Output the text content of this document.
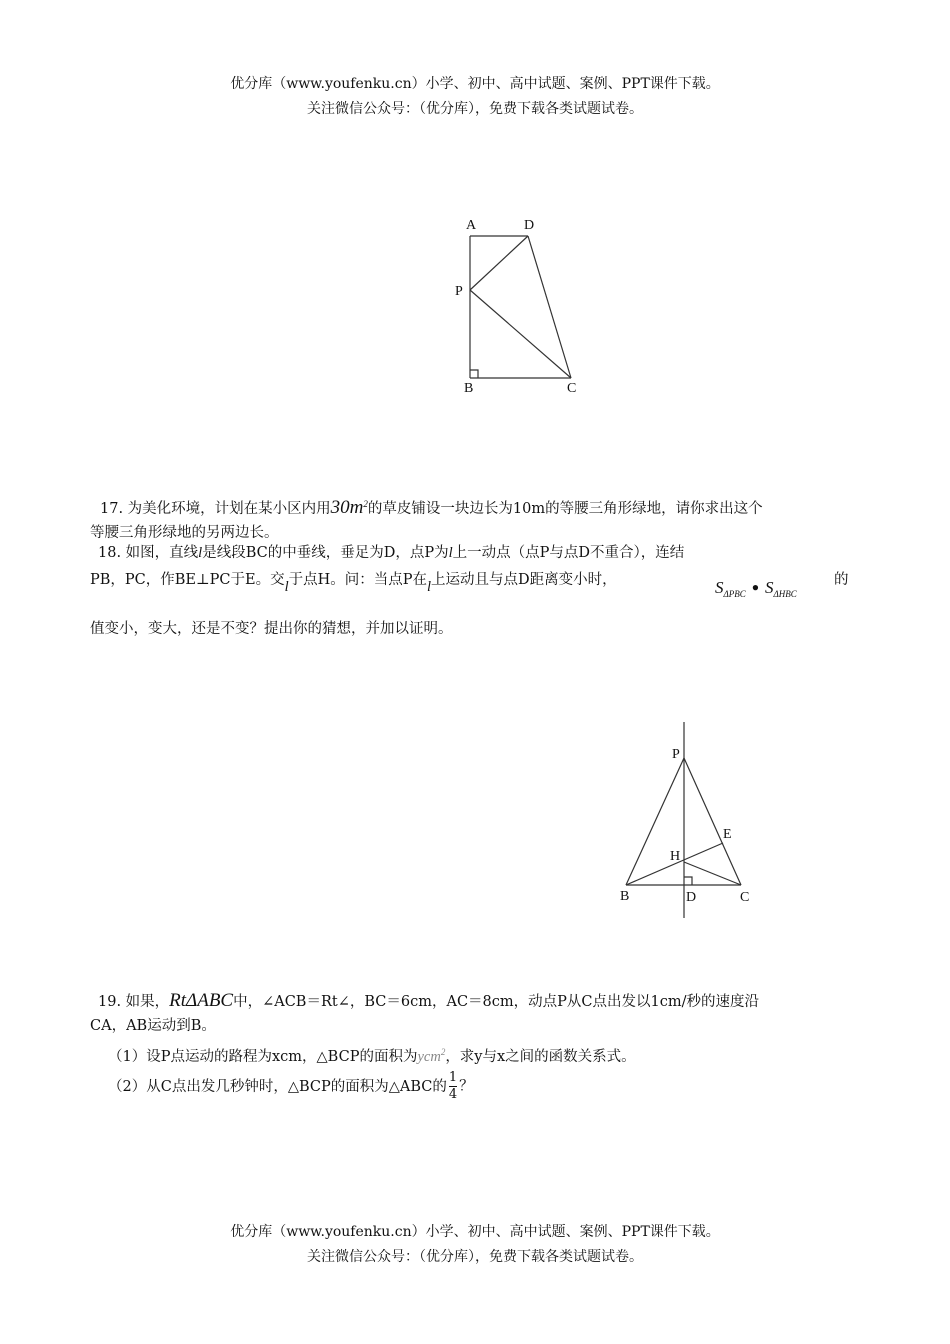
优分库（www.youfenku.cn）小学、初中、高中试题、案例、PPT课件下载。
关注微信公众号：（优分库），免费下载各类试题试卷。
A	D
P
B	C
P
E
H
B	D	C
17. 为美化环境，计划在某小区内用$30m^2$的草皮铺设一块边长为10m的等腰三角形绿地，请你求出这个
等腰三角形绿地的另两边长。
18. 如图，直线l是线段BC的中垂线，垂足为D，点P为l上一动点（点P与点D不重合），连结
PB，PC，作BE⊥PC于E。交l于点H。问：当点P在l上运动且与点D距离变小时，	$S_{\Delta PBC}$ • $S_{\Delta HBC}$
的
值变小，变大，还是不变？提出你的猜想，并加以证明。
19. 如果，RtΔABC中，∠ACB＝Rt∠，BC＝6cm，AC＝8cm，动点P从C点出发以1cm/秒的速度沿
CA，AB运动到B。
（1）设P点运动的路程为xcm，△BCP的面积为ycm$^2$，求y与x之间的函数关系式。
（2）从C点出发几秒钟时，△BCP的面积为△ABC的 $\frac{1}{4}$ ？
优分库（www.youfenku.cn）小学、初中、高中试题、案例、PPT课件下载。
关注微信公众号：（优分库），免费下载各类试题试卷。
